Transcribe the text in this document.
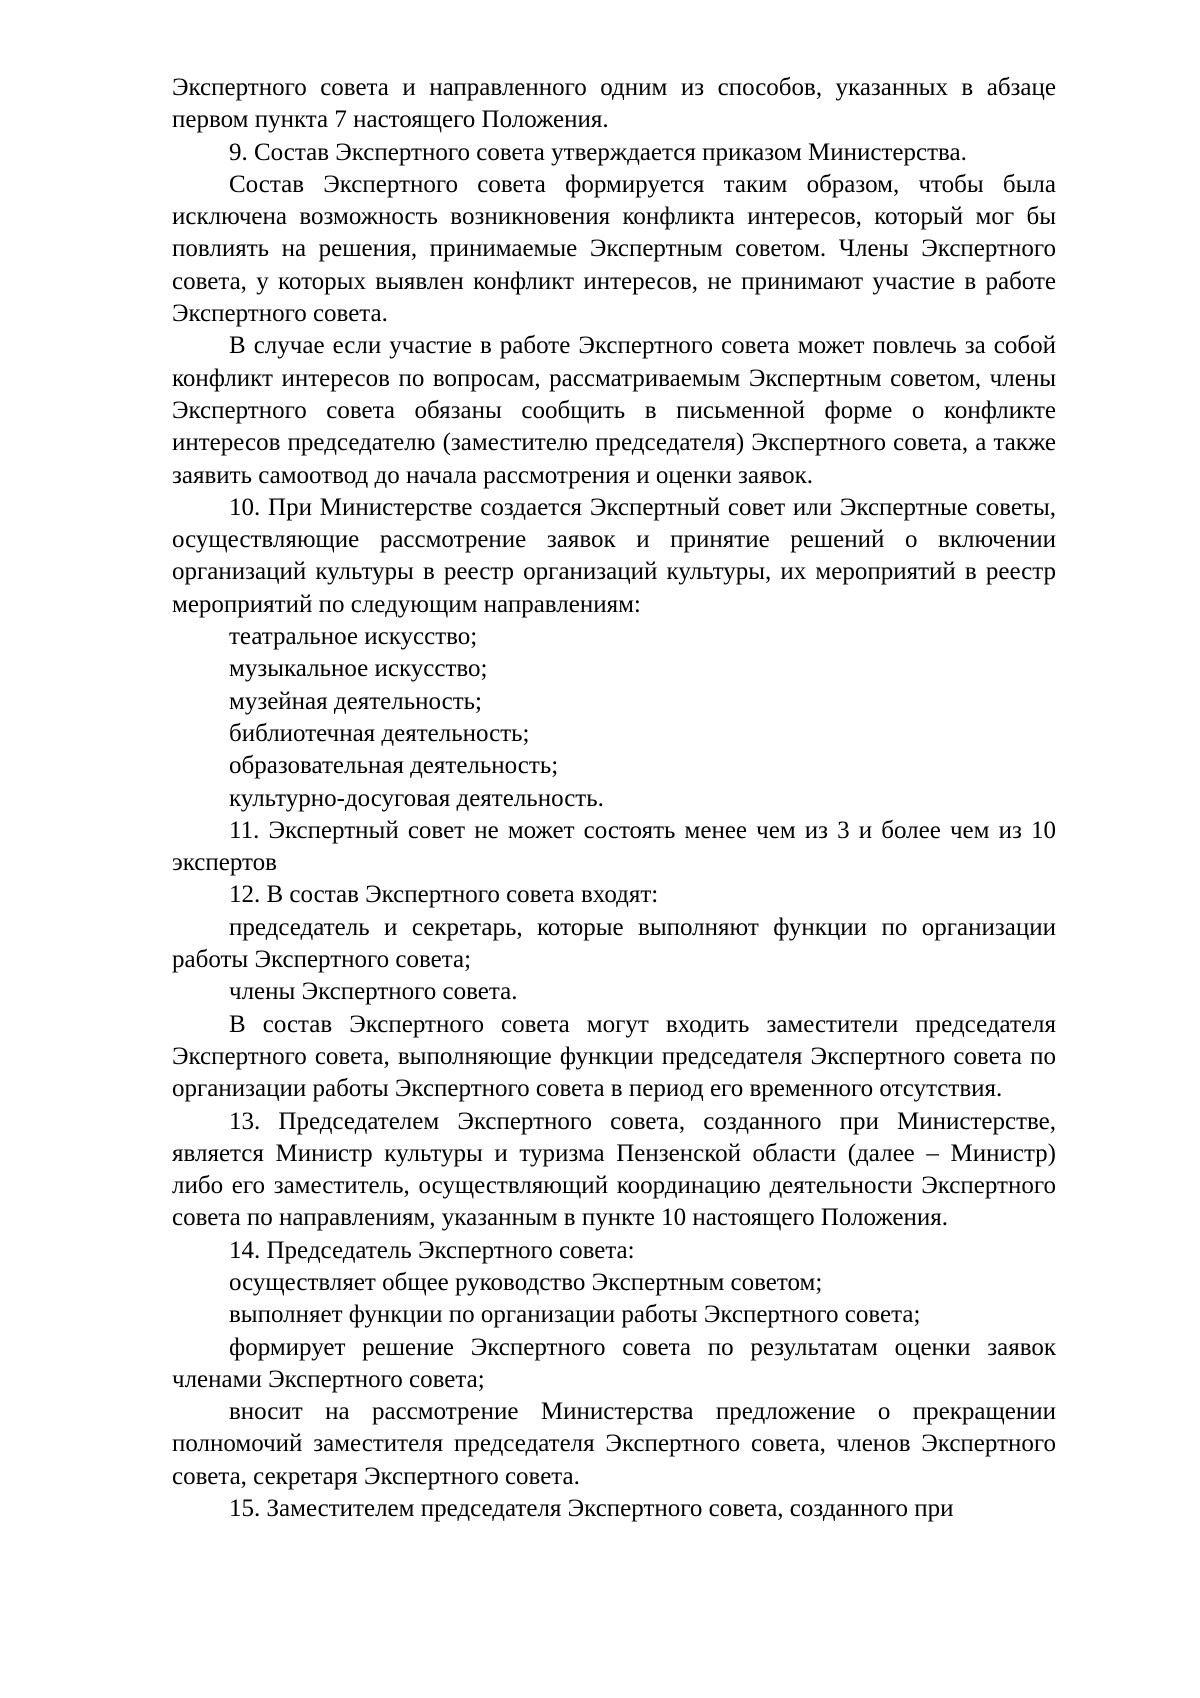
Экспертного совета и направленного одним из способов, указанных в абзаце первом пункта 7 настоящего Положения.

9. Состав Экспертного совета утверждается приказом Министерства.

Состав Экспертного совета формируется таким образом, чтобы была исключена возможность возникновения конфликта интересов, который мог бы повлиять на решения, принимаемые Экспертным советом. Члены Экспертного совета, у которых выявлен конфликт интересов, не принимают участие в работе Экспертного совета.

В случае если участие в работе Экспертного совета может повлечь за собой конфликт интересов по вопросам, рассматриваемым Экспертным советом, члены Экспертного совета обязаны сообщить в письменной форме о конфликте интересов председателю (заместителю председателя) Экспертного совета, а также заявить самоотвод до начала рассмотрения и оценки заявок.

10. При Министерстве создается Экспертный совет или Экспертные советы, осуществляющие рассмотрение заявок и принятие решений о включении организаций культуры в реестр организаций культуры, их мероприятий в реестр мероприятий по следующим направлениям:

театральное искусство;

музыкальное искусство;

музейная деятельность;

библиотечная деятельность;

образовательная деятельность;

культурно-досуговая деятельность.

11. Экспертный совет не может состоять менее чем из 3 и более чем из 10 экспертов

12. В состав Экспертного совета входят:

председатель и секретарь, которые выполняют функции по организации работы Экспертного совета;

члены Экспертного совета.

В состав Экспертного совета могут входить заместители председателя Экспертного совета, выполняющие функции председателя Экспертного совета по организации работы Экспертного совета в период его временного отсутствия.

13. Председателем Экспертного совета, созданного при Министерстве, является Министр культуры и туризма Пензенской области (далее – Министр) либо его заместитель, осуществляющий координацию деятельности Экспертного совета по направлениям, указанным в пункте 10 настоящего Положения.

14. Председатель Экспертного совета:

осуществляет общее руководство Экспертным советом;

выполняет функции по организации работы Экспертного совета;

формирует решение Экспертного совета по результатам оценки заявок членами Экспертного совета;

вносит на рассмотрение Министерства предложение о прекращении полномочий заместителя председателя Экспертного совета, членов Экспертного совета, секретаря Экспертного совета.

15. Заместителем председателя Экспертного совета, созданного при
